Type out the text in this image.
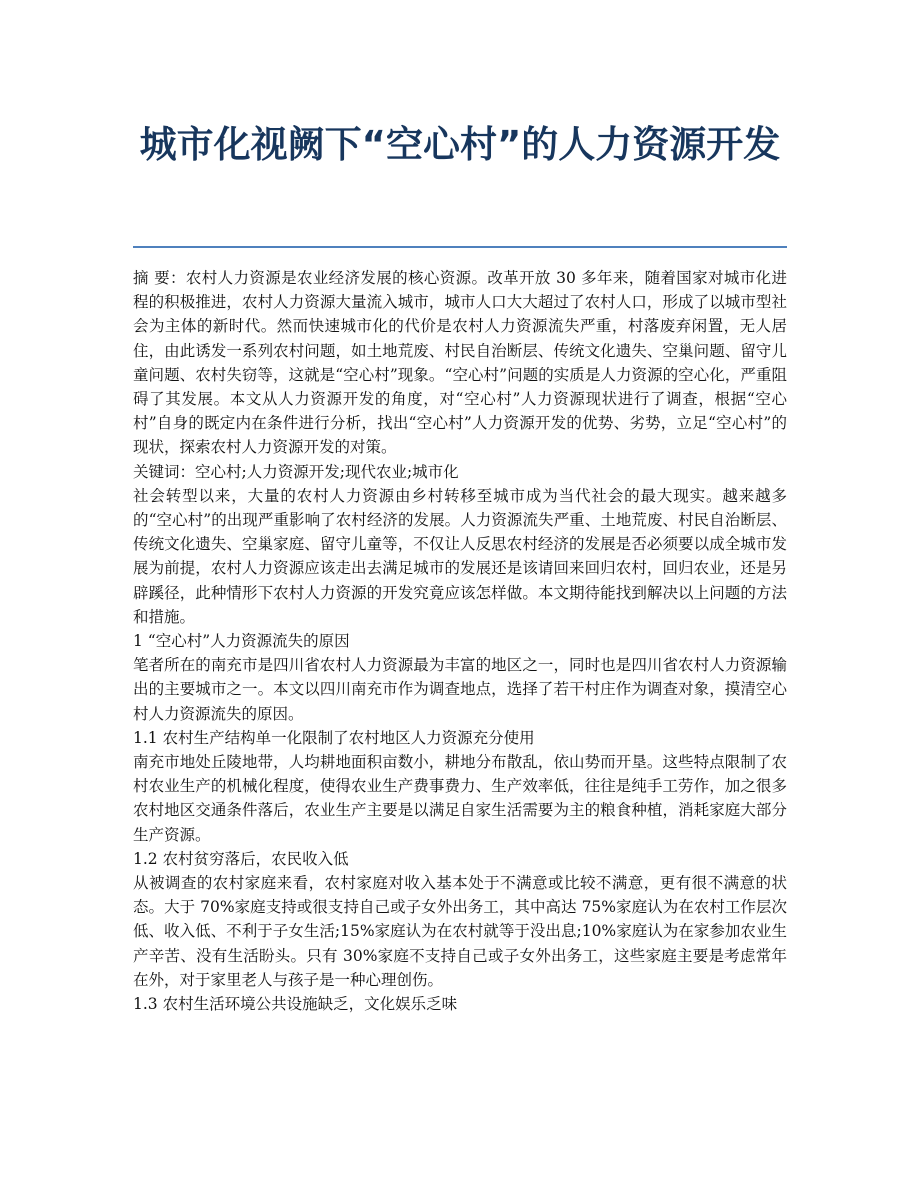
城市化视阙下“空心村”的人力资源开发

摘 要：农村人力资源是农业经济发展的核心资源。改革开放 30 多年来，随着国家对城市化进程的积极推进，农村人力资源大量流入城市，城市人口大大超过了农村人口，形成了以城市型社会为主体的新时代。然而快速城市化的代价是农村人力资源流失严重，村落废弃闲置，无人居住，由此诱发一系列农村问题，如土地荒废、村民自治断层、传统文化遗失、空巢问题、留守儿童问题、农村失窃等，这就是“空心村”现象。“空心村”问题的实质是人力资源的空心化，严重阻碍了其发展。本文从人力资源开发的角度，对“空心村”人力资源现状进行了调查，根据“空心村”自身的既定内在条件进行分析，找出“空心村”人力资源开发的优势、劣势，立足“空心村”的现状，探索农村人力资源开发的对策。

关键词：空心村;人力资源开发;现代农业;城市化

社会转型以来，大量的农村人力资源由乡村转移至城市成为当代社会的最大现实。越来越多的“空心村”的出现严重影响了农村经济的发展。人力资源流失严重、土地荒废、村民自治断层、传统文化遗失、空巢家庭、留守儿童等，不仅让人反思农村经济的发展是否必须要以成全城市发展为前提，农村人力资源应该走出去满足城市的发展还是该请回来回归农村，回归农业，还是另辟蹊径，此种情形下农村人力资源的开发究竟应该怎样做。本文期待能找到解决以上问题的方法和措施。

1 “空心村”人力资源流失的原因

笔者所在的南充市是四川省农村人力资源最为丰富的地区之一，同时也是四川省农村人力资源输出的主要城市之一。本文以四川南充市作为调查地点，选择了若干村庄作为调查对象，摸清空心村人力资源流失的原因。

1.1 农村生产结构单一化限制了农村地区人力资源充分使用

南充市地处丘陵地带，人均耕地面积亩数小，耕地分布散乱，依山势而开垦。这些特点限制了农村农业生产的机械化程度，使得农业生产费事费力、生产效率低，往往是纯手工劳作，加之很多农村地区交通条件落后，农业生产主要是以满足自家生活需要为主的粮食种植，消耗家庭大部分生产资源。

1.2 农村贫穷落后，农民收入低

从被调查的农村家庭来看，农村家庭对收入基本处于不满意或比较不满意，更有很不满意的状态。大于 70%家庭支持或很支持自己或子女外出务工，其中高达 75%家庭认为在农村工作层次低、收入低、不利于子女生活;15%家庭认为在农村就等于没出息;10%家庭认为在家参加农业生产辛苦、没有生活盼头。只有 30%家庭不支持自己或子女外出务工，这些家庭主要是考虑常年在外，对于家里老人与孩子是一种心理创伤。

1.3 农村生活环境公共设施缺乏，文化娱乐乏味
